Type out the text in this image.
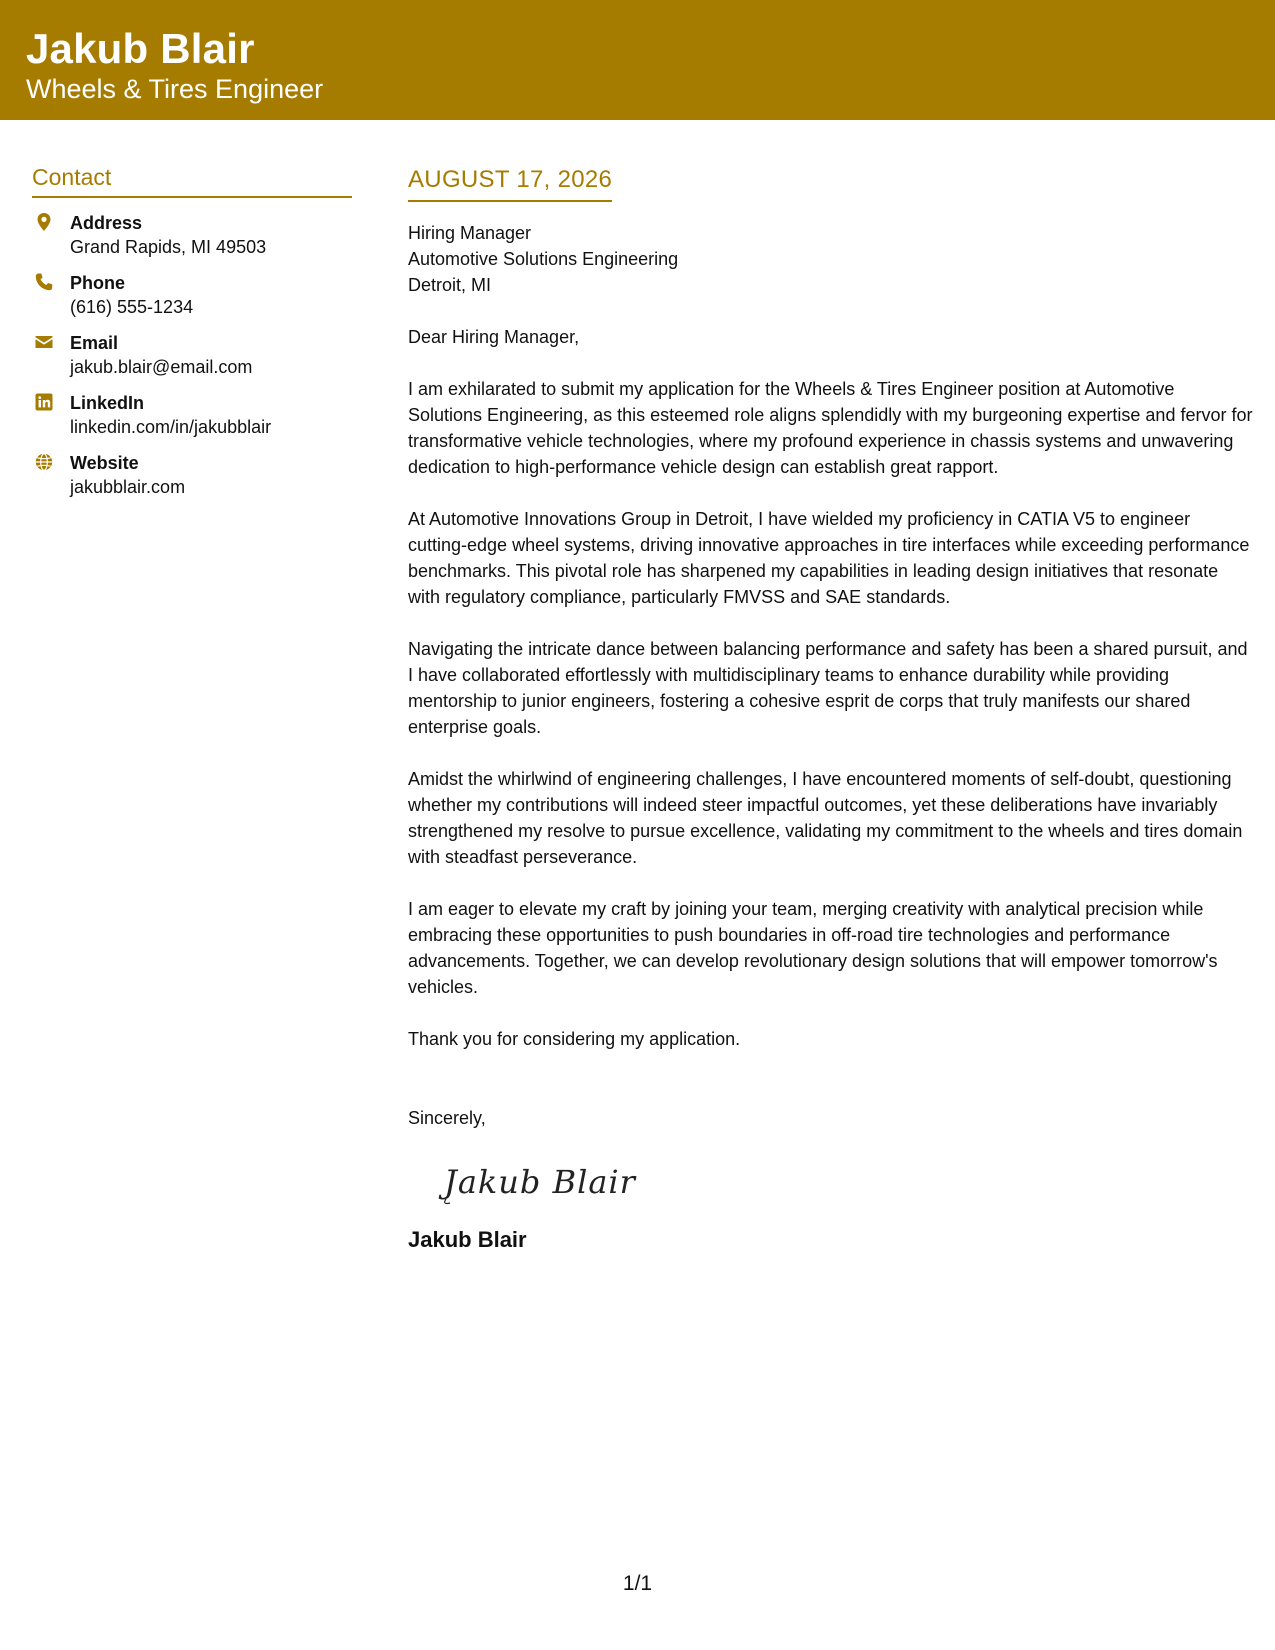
Jakub Blair
Wheels & Tires Engineer
Contact
Address
Grand Rapids, MI 49503
Phone
(616) 555-1234
Email
jakub.blair@email.com
LinkedIn
linkedin.com/in/jakubblair
Website
jakubblair.com
AUGUST 17, 2026
Hiring Manager
Automotive Solutions Engineering
Detroit, MI
Dear Hiring Manager,
I am exhilarated to submit my application for the Wheels & Tires Engineer position at Automotive Solutions Engineering, as this esteemed role aligns splendidly with my burgeoning expertise and fervor for transformative vehicle technologies, where my profound experience in chassis systems and unwavering dedication to high-performance vehicle design can establish great rapport.
At Automotive Innovations Group in Detroit, I have wielded my proficiency in CATIA V5 to engineer cutting-edge wheel systems, driving innovative approaches in tire interfaces while exceeding performance benchmarks. This pivotal role has sharpened my capabilities in leading design initiatives that resonate with regulatory compliance, particularly FMVSS and SAE standards.
Navigating the intricate dance between balancing performance and safety has been a shared pursuit, and I have collaborated effortlessly with multidisciplinary teams to enhance durability while providing mentorship to junior engineers, fostering a cohesive esprit de corps that truly manifests our shared enterprise goals.
Amidst the whirlwind of engineering challenges, I have encountered moments of self-doubt, questioning whether my contributions will indeed steer impactful outcomes, yet these deliberations have invariably strengthened my resolve to pursue excellence, validating my commitment to the wheels and tires domain with steadfast perseverance.
I am eager to elevate my craft by joining your team, merging creativity with analytical precision while embracing these opportunities to push boundaries in off-road tire technologies and performance advancements. Together, we can develop revolutionary design solutions that will empower tomorrow's vehicles.
Thank you for considering my application.
Sincerely,
Jakub Blair
Jakub Blair
1/1
